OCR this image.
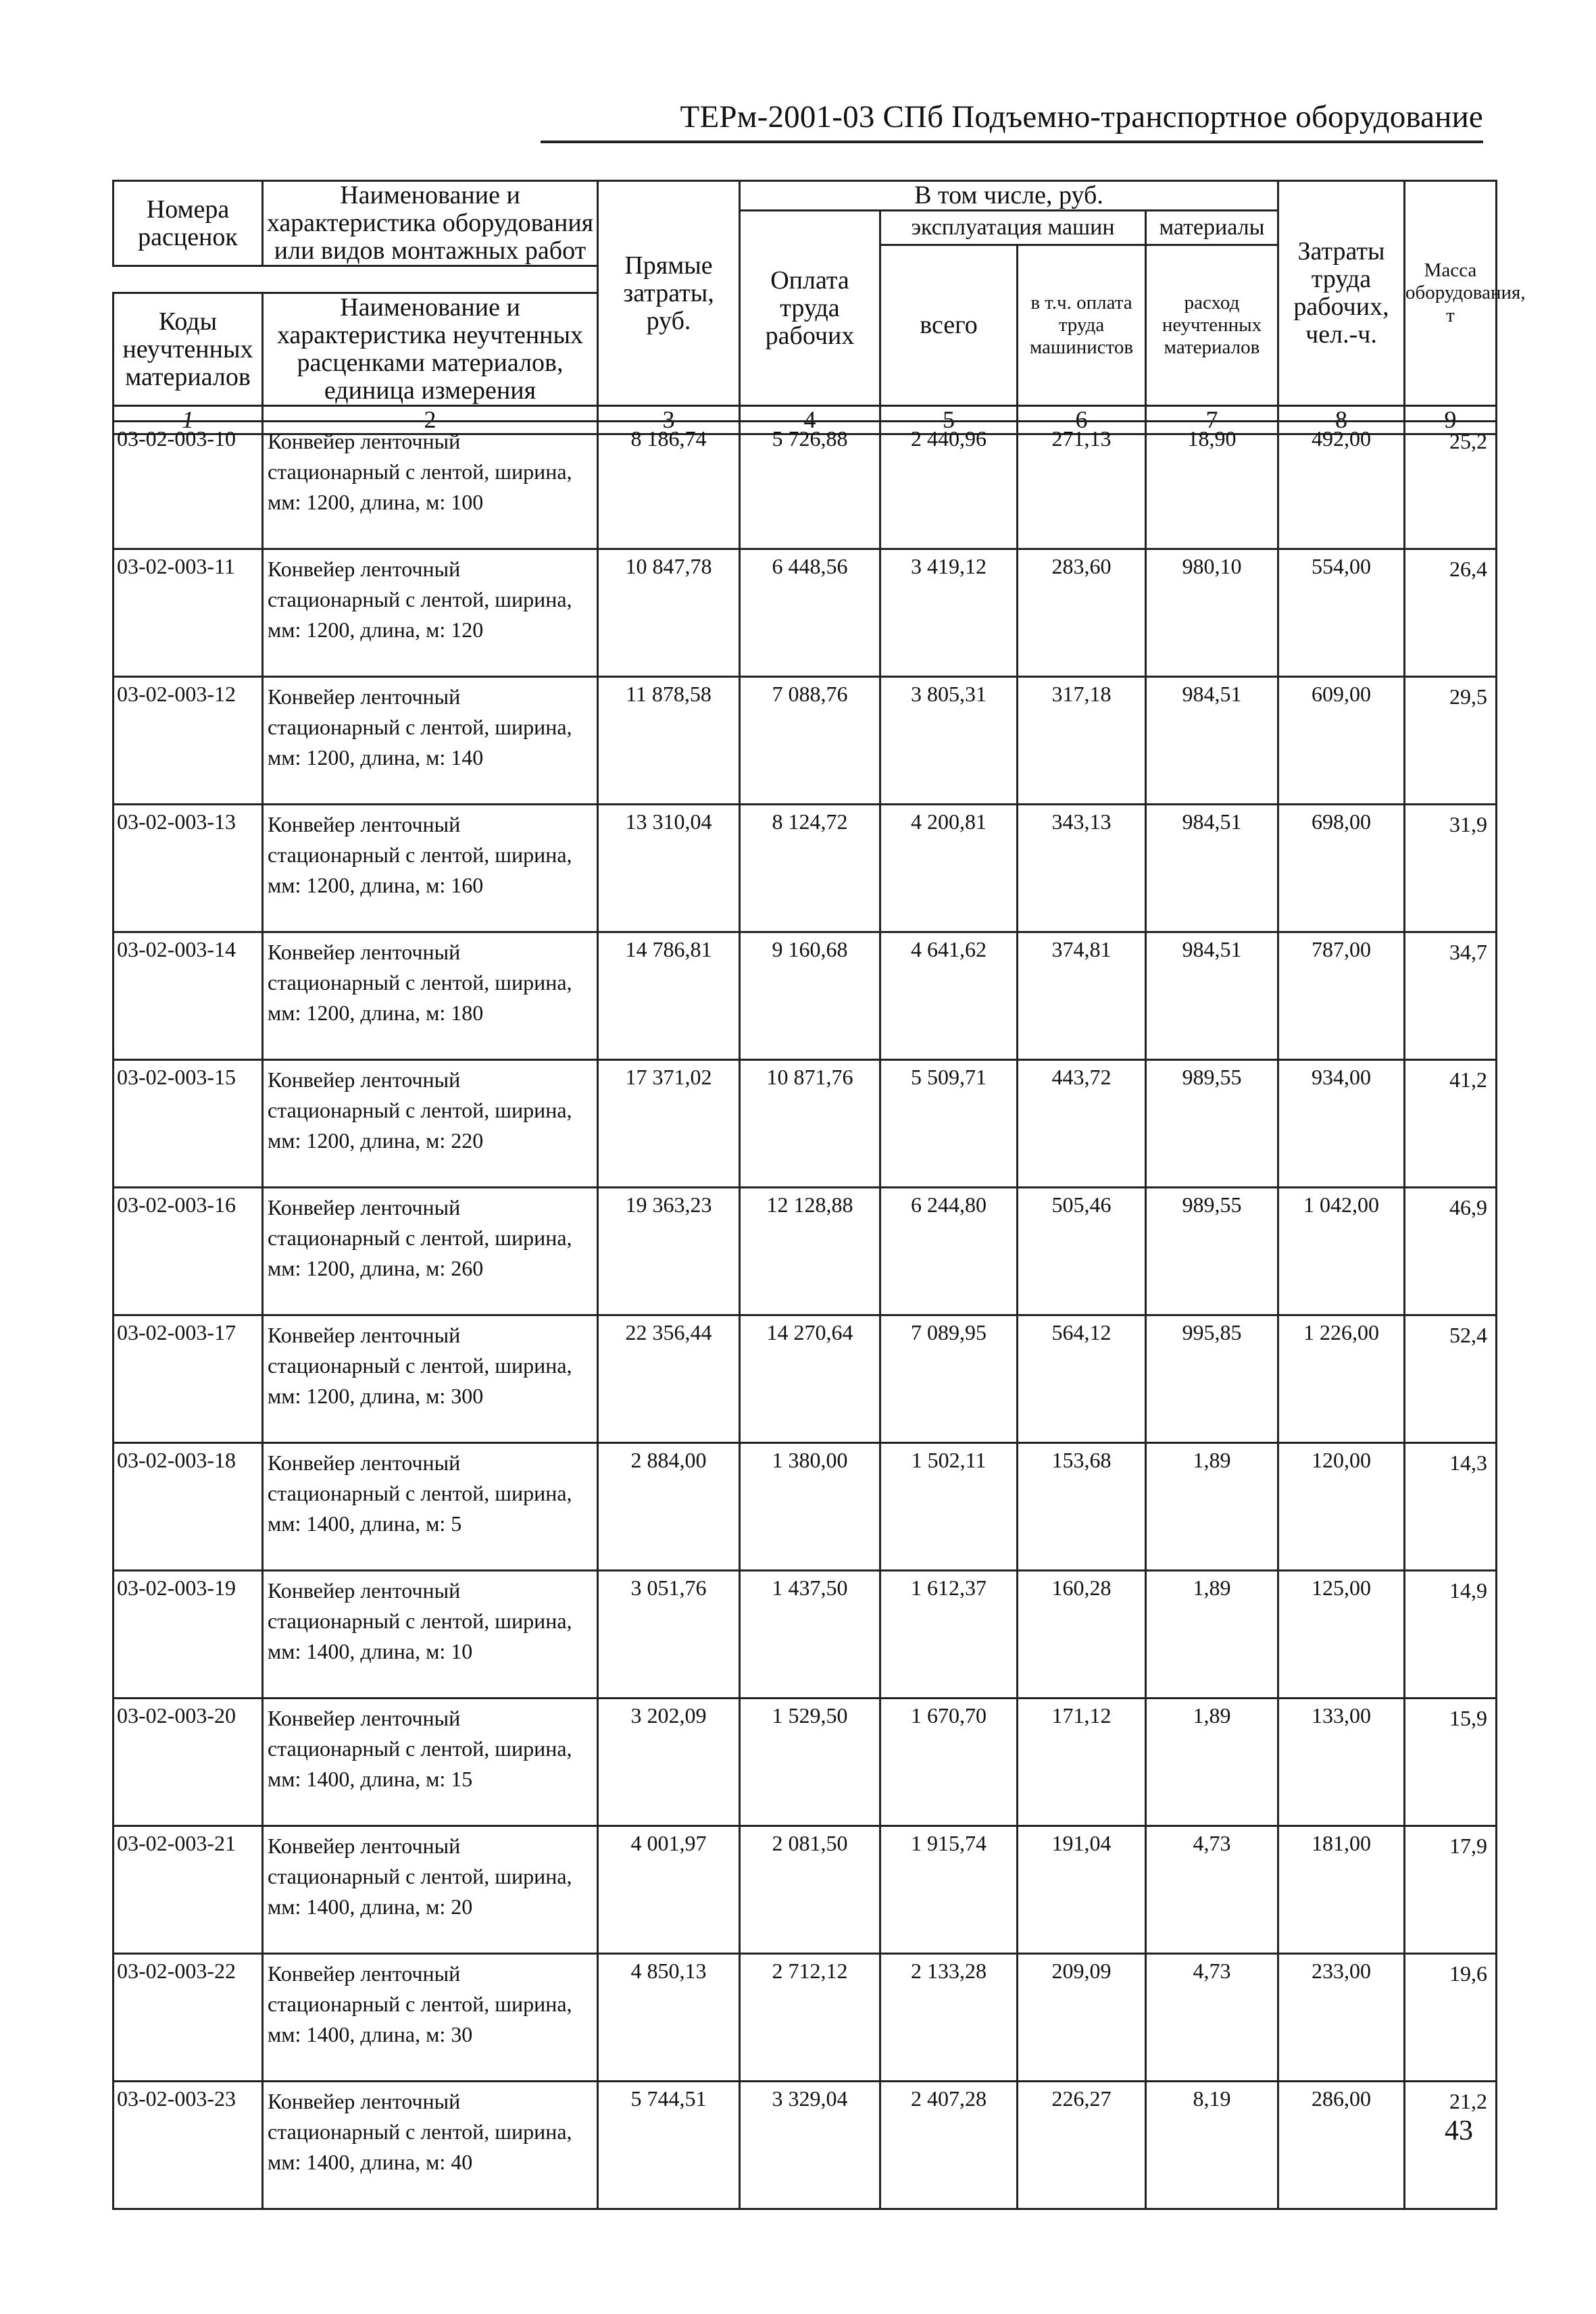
ТЕРм-2001-03 СПб Подъемно-транспортное оборудование
Номера расценок	Наименование и характеристика оборудования или видов монтажных работ	Прямые затраты, руб.	В том числе, руб.				Затраты труда рабочих, чел.-ч.	Масса оборудования, т
			Оплата труда рабочих	эксплуатация машин		материалы		
				всего	в т.ч. оплата труда машинистов	расход неучтенных материалов		

Коды неучтенных материалов	Наименование и характеристика неучтенных расценками материалов, единица измерения							

1	2	3	4	5	6	7	8	9
03-02-003-10	Конвейер ленточный стационарный с лентой, ширина, мм: 1200, длина, м: 100	8 186,74	5 726,88	2 440,96	271,13	18,90	492,00	25,2
03-02-003-11	Конвейер ленточный стационарный с лентой, ширина, мм: 1200, длина, м: 120	10 847,78	6 448,56	3 419,12	283,60	980,10	554,00	26,4
03-02-003-12	Конвейер ленточный стационарный с лентой, ширина, мм: 1200, длина, м: 140	11 878,58	7 088,76	3 805,31	317,18	984,51	609,00	29,5
03-02-003-13	Конвейер ленточный стационарный с лентой, ширина, мм: 1200, длина, м: 160	13 310,04	8 124,72	4 200,81	343,13	984,51	698,00	31,9
03-02-003-14	Конвейер ленточный стационарный с лентой, ширина, мм: 1200, длина, м: 180	14 786,81	9 160,68	4 641,62	374,81	984,51	787,00	34,7
03-02-003-15	Конвейер ленточный стационарный с лентой, ширина, мм: 1200, длина, м: 220	17 371,02	10 871,76	5 509,71	443,72	989,55	934,00	41,2
03-02-003-16	Конвейер ленточный стационарный с лентой, ширина, мм: 1200, длина, м: 260	19 363,23	12 128,88	6 244,80	505,46	989,55	1 042,00	46,9
03-02-003-17	Конвейер ленточный стационарный с лентой, ширина, мм: 1200, длина, м: 300	22 356,44	14 270,64	7 089,95	564,12	995,85	1 226,00	52,4
03-02-003-18	Конвейер ленточный стационарный с лентой, ширина, мм: 1400, длина, м: 5	2 884,00	1 380,00	1 502,11	153,68	1,89	120,00	14,3
03-02-003-19	Конвейер ленточный стационарный с лентой, ширина, мм: 1400, длина, м: 10	3 051,76	1 437,50	1 612,37	160,28	1,89	125,00	14,9
03-02-003-20	Конвейер ленточный стационарный с лентой, ширина, мм: 1400, длина, м: 15	3 202,09	1 529,50	1 670,70	171,12	1,89	133,00	15,9
03-02-003-21	Конвейер ленточный стационарный с лентой, ширина, мм: 1400, длина, м: 20	4 001,97	2 081,50	1 915,74	191,04	4,73	181,00	17,9
03-02-003-22	Конвейер ленточный стационарный с лентой, ширина, мм: 1400, длина, м: 30	4 850,13	2 712,12	2 133,28	209,09	4,73	233,00	19,6
03-02-003-23	Конвейер ленточный стационарный с лентой, ширина, мм: 1400, длина, м: 40	5 744,51	3 329,04	2 407,28	226,27	8,19	286,00	21,2
43
